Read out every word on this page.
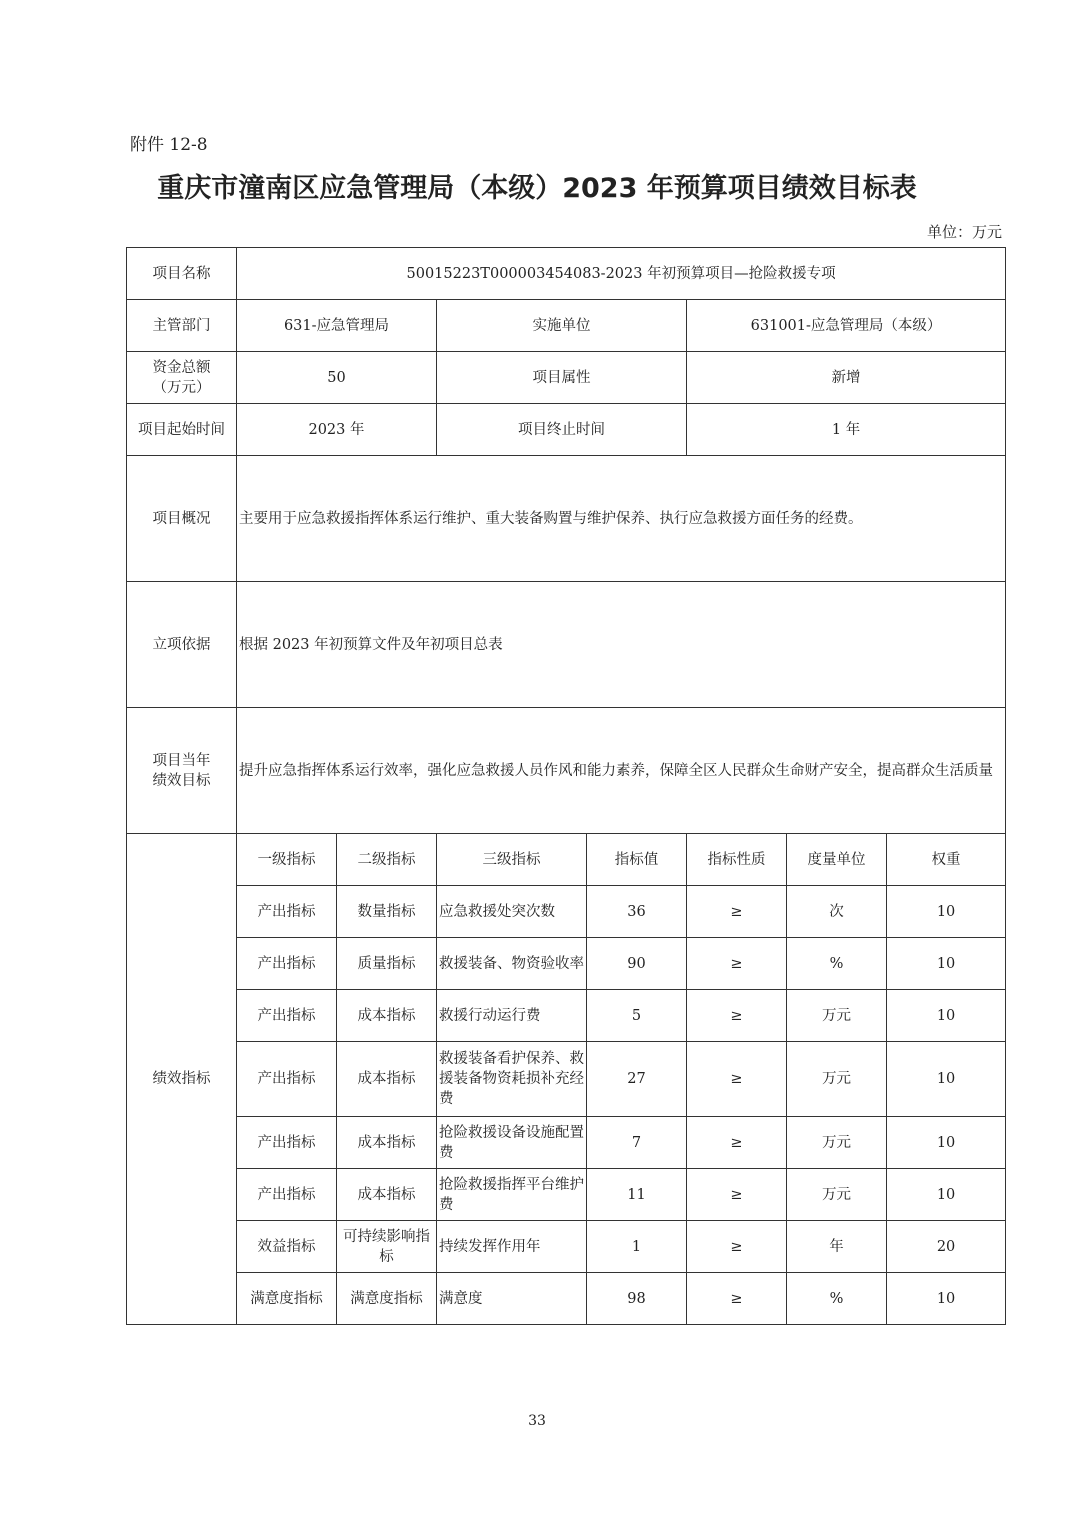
附件 12-8
重庆市潼南区应急管理局（本级）2023 年预算项目绩效目标表
单位：万元
项目名称	50015223T000003454083-2023 年初预算项目—抢险救援专项						
主管部门	631-应急管理局		实施单位		631001-应急管理局（本级）		
资金总额（万元）	50		项目属性		新增		
项目起始时间	2023 年		项目终止时间		1 年		
项目概况	主要用于应急救援指挥体系运行维护、重大装备购置与维护保养、执行应急救援方面任务的经费。						
立项依据	根据 2023 年初预算文件及年初项目总表						
项目当年绩效目标	提升应急指挥体系运行效率，强化应急救援人员作风和能力素养，保障全区人民群众生命财产安全，提高群众生活质量						
绩效指标	一级指标	二级指标	三级指标	指标值	指标性质	度量单位	权重
	产出指标	数量指标	应急救援处突次数	36	≥	次	10
	产出指标	质量指标	救援装备、物资验收率	90	≥	%	10
	产出指标	成本指标	救援行动运行费	5	≥	万元	10
	产出指标	成本指标	救援装备看护保养、救援装备物资耗损补充经费	27	≥	万元	10
	产出指标	成本指标	抢险救援设备设施配置费	7	≥	万元	10
	产出指标	成本指标	抢险救援指挥平台维护费	11	≥	万元	10
	效益指标	可持续影响指标	持续发挥作用年	1	≥	年	20
	满意度指标	满意度指标	满意度	98	≥	%	10
33
